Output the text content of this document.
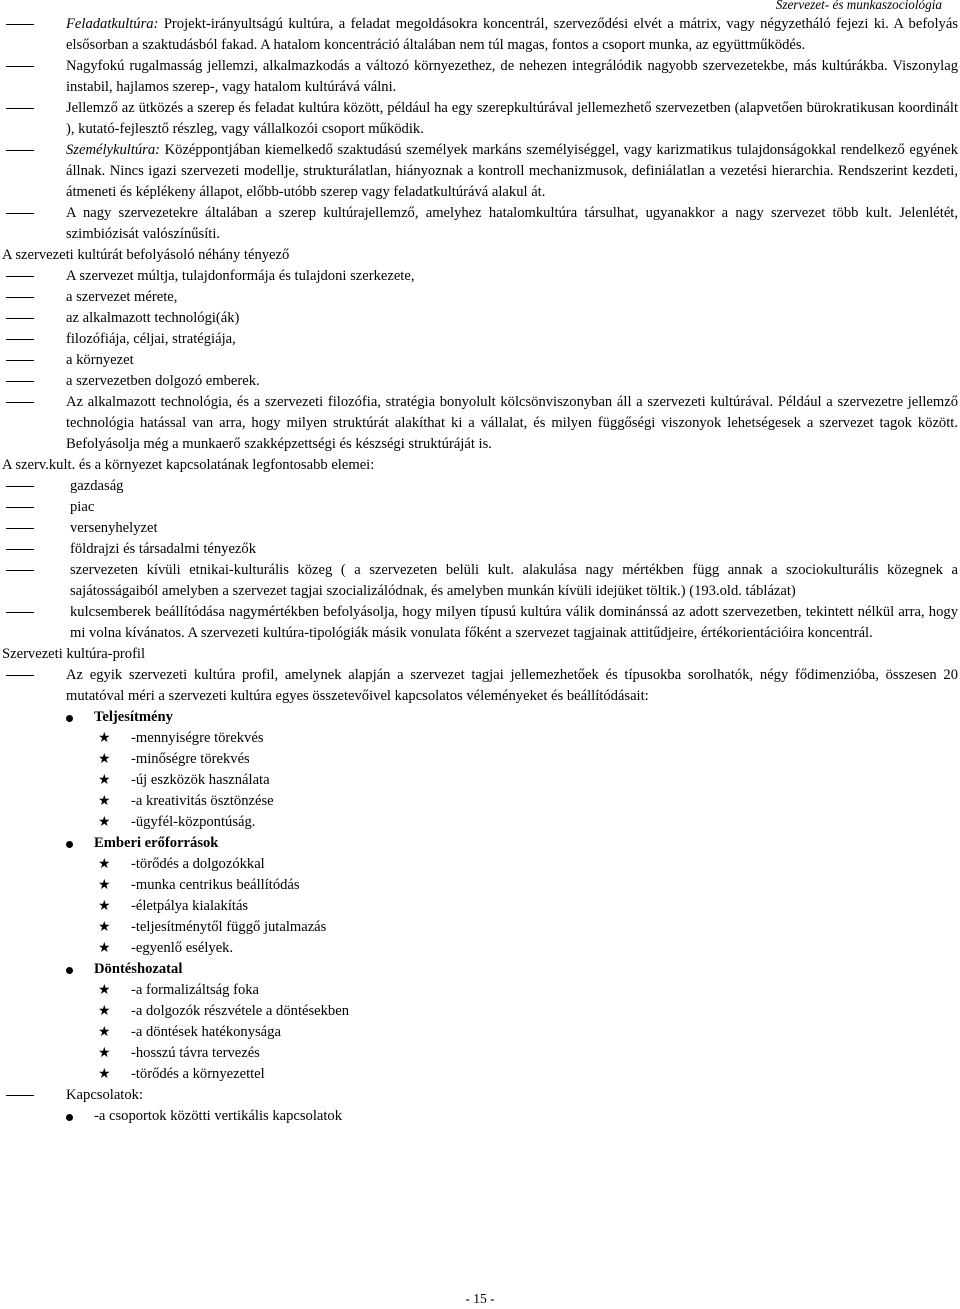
Szervezet- és munkaszociológia
Feladatkultúra: Projekt-irányultságú kultúra, a feladat megoldásokra koncentrál, szerveződési elvét a mátrix, vagy négyzetháló fejezi ki. A befolyás elsősorban a szaktudásból fakad. A hatalom koncentráció általában nem túl magas, fontos a csoport munka, az együttműködés.
Nagyfokú rugalmasság jellemzi, alkalmazkodás a változó környezethez, de nehezen integrálódik nagyobb szervezetekbe, más kultúrákba. Viszonylag instabil, hajlamos szerep-, vagy hatalom kultúrává válni.
Jellemző az ütközés a szerep és feladat kultúra között, például ha egy szerepkultúrával jellemezhető szervezetben (alapvetően bürokratikusan koordinált ), kutató-fejlesztő részleg, vagy vállalkozói csoport működik.
Személykultúra: Középpontjában kiemelkedő szaktudású személyek markáns személyiséggel, vagy karizmatikus tulajdonságokkal rendelkező egyének állnak. Nincs igazi szervezeti modellje, strukturálatlan, hiányoznak a kontroll mechanizmusok, definiálatlan a vezetési hierarchia. Rendszerint kezdeti, átmeneti és képlékeny állapot, előbb-utóbb szerep vagy feladatkultúrává alakul át.
A nagy szervezetekre általában a szerep kultúrajellemző, amelyhez hatalomkultúra társulhat, ugyanakkor a nagy szervezet több kult. Jelenlétét, szimbiózisát valószínűsíti.
A szervezeti kultúrát befolyásoló néhány tényező
A szervezet múltja, tulajdonformája és tulajdoni szerkezete,
a szervezet mérete,
az alkalmazott technológi(ák)
filozófiája, céljai, stratégiája,
a környezet
a szervezetben dolgozó emberek.
Az alkalmazott technológia, és a szervezeti filozófia, stratégia bonyolult kölcsönviszonyban áll a szervezeti kultúrával. Például a szervezetre jellemző technológia hatással van arra, hogy milyen struktúrát alakíthat ki a vállalat, és milyen függőségi viszonyok lehetségesek a szervezet tagok között. Befolyásolja még a munkaerő szakképzettségi és készségi struktúráját is.
A szerv.kult. és a környezet kapcsolatának legfontosabb elemei:
gazdaság
piac
versenyhelyzet
földrajzi és társadalmi tényezők
szervezeten kívüli etnikai-kulturális közeg ( a szervezeten belüli kult. alakulása nagy mértékben függ annak a szociokulturális közegnek a sajátosságaiból amelyben a szervezet tagjai szocializálódnak, és amelyben munkán kívüli idejüket töltik.) (193.old. táblázat)
kulcsemberek beállítódása nagymértékben befolyásolja, hogy milyen típusú kultúra válik dominánssá az adott szervezetben, tekintett nélkül arra, hogy mi volna kívánatos. A szervezeti kultúra-tipológiák másik vonulata főként a szervezet tagjainak attitűdjeire, értékorientációira koncentrál.
Szervezeti kultúra-profil
Az egyik szervezeti kultúra profil, amelynek alapján a szervezet tagjai jellemezhetőek és típusokba sorolhatók, négy fődimenzióba, összesen 20 mutatóval méri a szervezeti kultúra egyes összetevőivel kapcsolatos véleményeket és beállítódásait:
Teljesítmény
★ -mennyiségre törekvés
★ -minőségre törekvés
★ -új eszközök használata
★ -a kreativitás ösztönzése
★ -ügyfél-központúság.
Emberi erőforrások
★ -törődés a dolgozókkal
★ -munka centrikus beállítódás
★ -életpálya kialakítás
★ -teljesítménytől függő jutalmazás
★ -egyenlő esélyek.
Döntéshozatal
★ -a formalizáltság foka
★ -a dolgozók részvétele a döntésekben
★ -a döntések hatékonysága
★ -hosszú távra tervezés
★ -törődés a környezettel
Kapcsolatok:
-a csoportok közötti vertikális kapcsolatok
- 15 -
